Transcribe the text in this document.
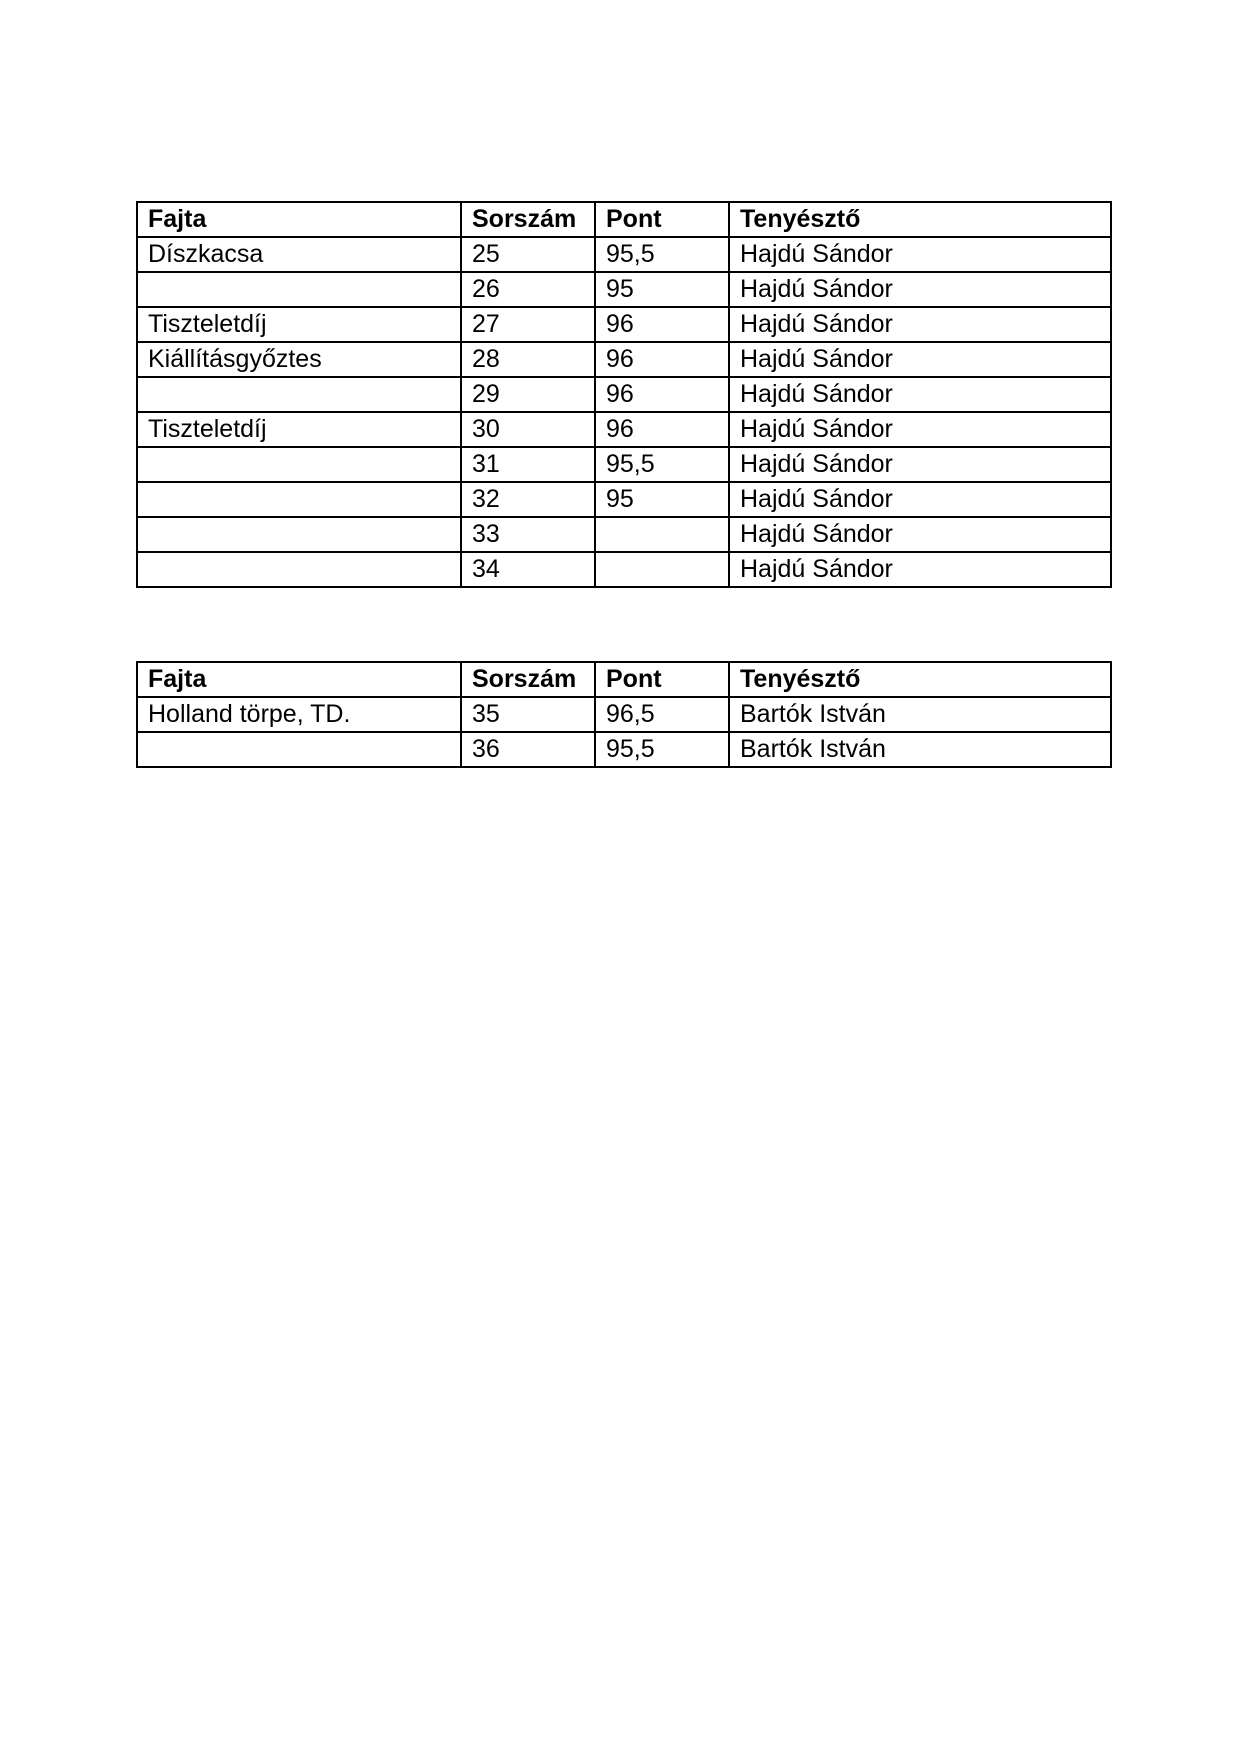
Fajta	Sorszám	Pont	Tenyésztő
Díszkacsa	25	95,5	Hajdú Sándor
	26	95	Hajdú Sándor
Tiszteletdíj	27	96	Hajdú Sándor
Kiállításgyőztes	28	96	Hajdú Sándor
	29	96	Hajdú Sándor
Tiszteletdíj	30	96	Hajdú Sándor
	31	95,5	Hajdú Sándor
	32	95	Hajdú Sándor
	33		Hajdú Sándor
	34		Hajdú Sándor
Fajta	Sorszám	Pont	Tenyésztő
Holland törpe, TD.	35	96,5	Bartók István
	36	95,5	Bartók István
